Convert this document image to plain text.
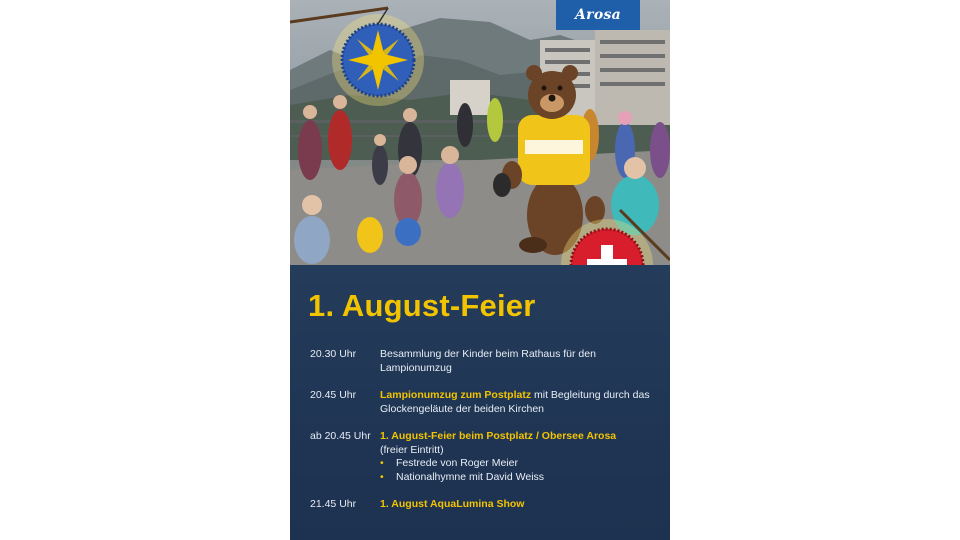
Arosa
1. August-Feier
20.30 Uhr	Besammlung der Kinder beim Rathaus für den Lampionumzug
20.45 Uhr	Lampionumzug zum Postplatz mit Begleitung durch das Glockengeläute der beiden Kirchen
ab 20.45 Uhr 1. August-Feier beim Postplatz / Obersee Arosa
(freier Eintritt)
• Festrede von Roger Meier
• Nationalhymne mit David Weiss
21.45 Uhr	1. August AquaLumina Show
